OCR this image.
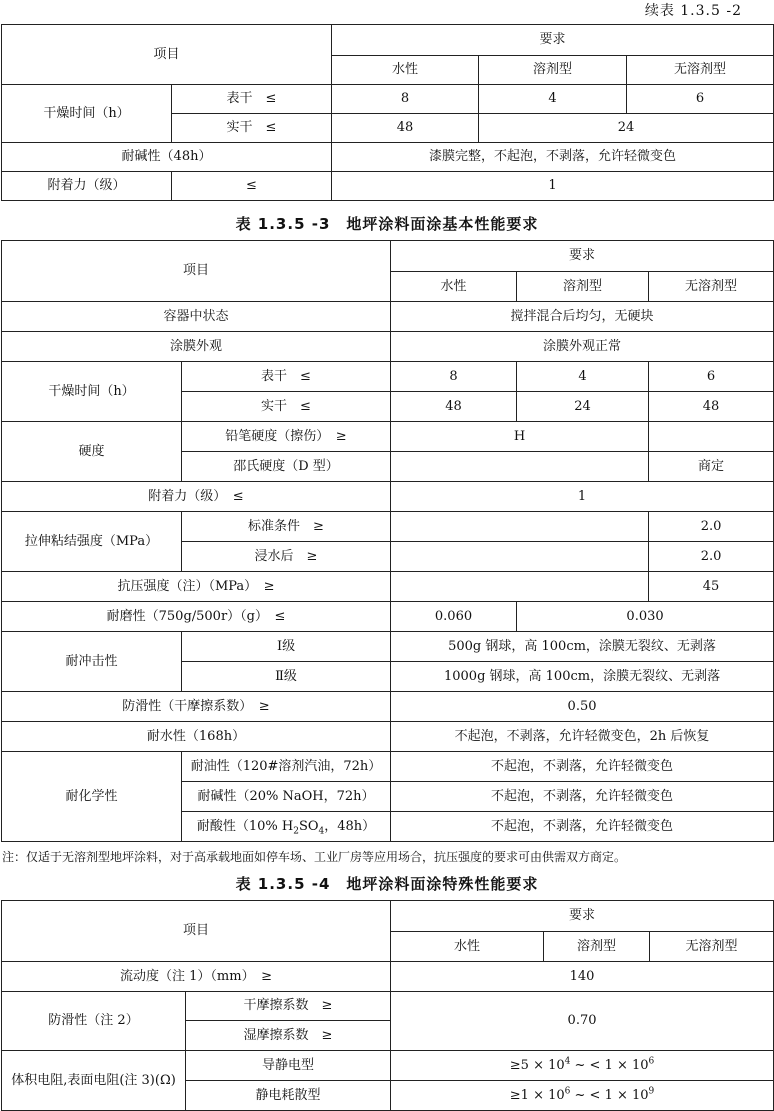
续表 1.3.5 -2
项目		要求		
		水性	溶剂型	无溶剂型
干燥时间（h）	表干　≤	8	4	6
	实干　≤	48	24	
耐碱性（48h）		漆膜完整，不起泡，不剥落，允许轻微变色		
附着力（级）	≤	1		
表 1.3.5 -3　地坪涂料面涂基本性能要求
项目		要求		
		水性	溶剂型	无溶剂型
容器中状态		搅拌混合后均匀，无硬块		
涂膜外观		涂膜外观正常		
干燥时间（h）	表干　≤	8	4	6
	实干　≤	48	24	48
硬度	铅笔硬度（擦伤）　≥	H		
	邵氏硬度（D 型）			商定
附着力（级）　≤		1		
拉伸粘结强度（MPa）	标准条件　≥			2.0
	浸水后　≥			2.0
抗压强度（注）（MPa）　≥				45
耐磨性（750g/500r）（g）　≤		0.060	0.030	
耐冲击性	Ⅰ级	500g 钢球，高 100cm，涂膜无裂纹、无剥落		
	Ⅱ级	1000g 钢球，高 100cm，涂膜无裂纹、无剥落		
防滑性（干摩擦系数）　≥		0.50		
耐水性（168h）		不起泡，不剥落，允许轻微变色，2h 后恢复		
耐化学性	耐油性（120#溶剂汽油，72h）	不起泡，不剥落，允许轻微变色		
	耐碱性（20% NaOH，72h）	不起泡，不剥落，允许轻微变色		
	耐酸性（10% $H_2SO_4$，48h）	不起泡，不剥落，允许轻微变色		
注：仅适于无溶剂型地坪涂料，对于高承载地面如停车场、工业厂房等应用场合，抗压强度的要求可由供需双方商定。
表 1.3.5 -4　地坪涂料面涂特殊性能要求
项目		要求		
		水性	溶剂型	无溶剂型
流动度（注 1）（mm）　≥		140		
防滑性（注 2）	干摩擦系数　≥	0.70		
	湿摩擦系数　≥			
体积电阻,表面电阻(注 3)(Ω)	导静电型	$\ge 5 \times 10^4$ ~ < $1 \times 10^6$
	静电耗散型	$\ge 1 \times 10^6$ ~ < $1 \times 10^9$
